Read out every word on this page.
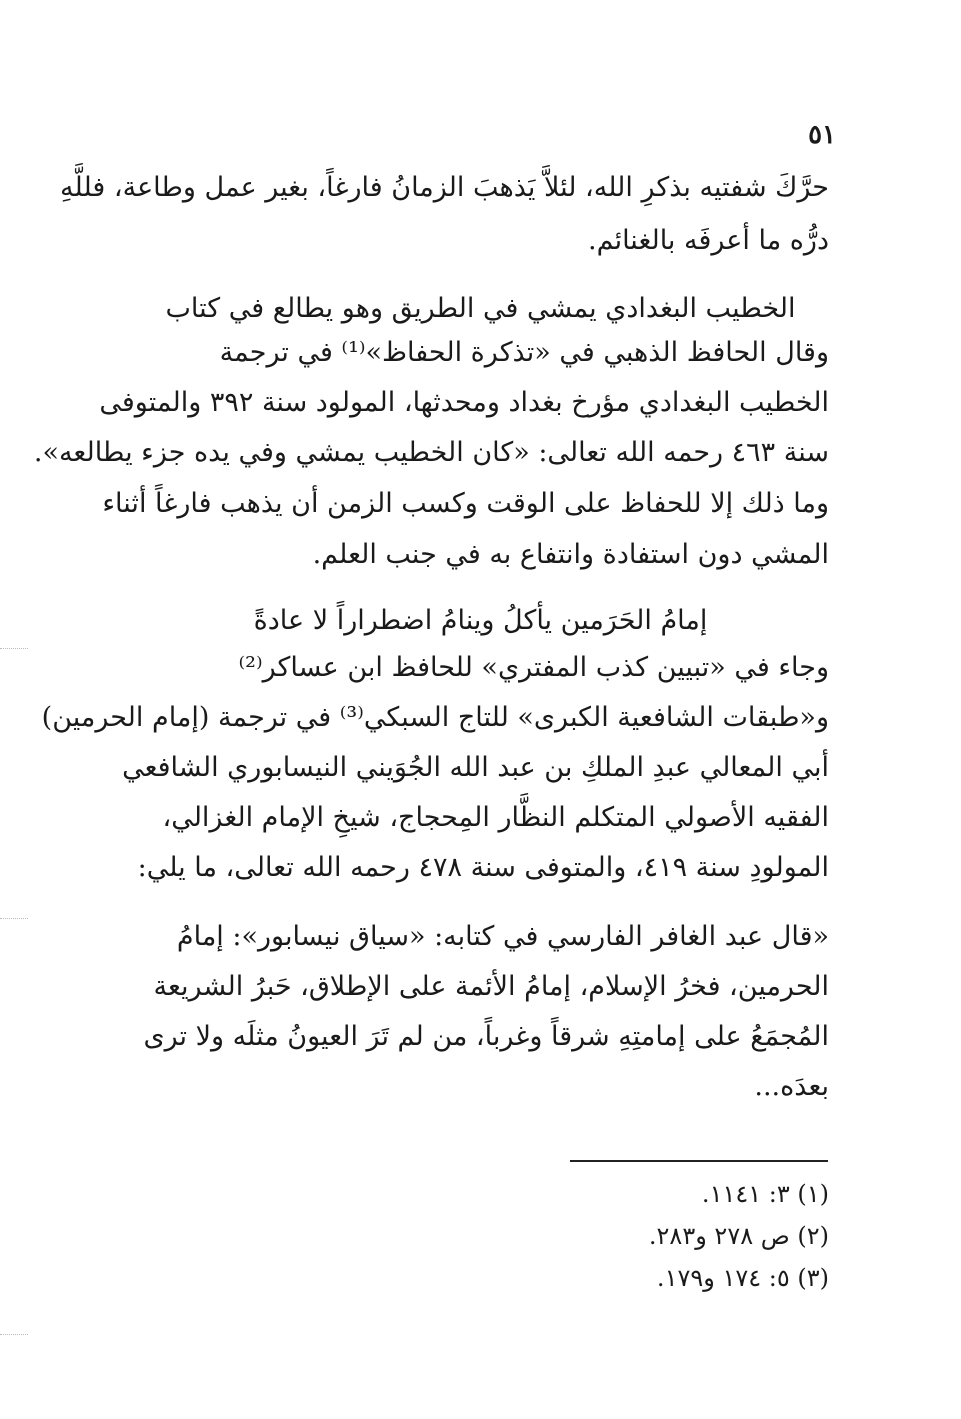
٥١
حرَّكَ شفتيه بذكرِ الله، لئلاَّ يَذهبَ الزمانُ فارغاً، بغير عمل وطاعة، فللَّهِ
درُّه ما أعرفَه بالغنائم.
الخطيب البغدادي يمشي في الطريق وهو يطالع في كتاب
وقال الحافظ الذهبي في «تذكرة الحفاظ»⁽¹⁾ في ترجمة
الخطيب البغدادي مؤرخ بغداد ومحدثها، المولود سنة ٣٩٢ والمتوفى
سنة ٤٦٣ رحمه الله تعالى: «كان الخطيب يمشي وفي يده جزء يطالعه».
وما ذلك إلا للحفاظ على الوقت وكسب الزمن أن يذهب فارغاً أثناء
المشي دون استفادة وانتفاع به في جنب العلم.
إمامُ الحَرَمين يأكلُ وينامُ اضطراراً لا عادةً
وجاء في «تبيين كذب المفتري» للحافظ ابن عساكر⁽²⁾
و«طبقات الشافعية الكبرى» للتاج السبكي⁽³⁾ في ترجمة (إمام الحرمين)
أبي المعالي عبدِ الملكِ بن عبد الله الجُوَيني النيسابوري الشافعي
الفقيه الأصولي المتكلم النظَّار المِحجاج، شيخِ الإمام الغزالي،
المولودِ سنة ٤١٩، والمتوفى سنة ٤٧٨ رحمه الله تعالى، ما يلي:
«قال عبد الغافر الفارسي في كتابه: «سياق نيسابور»: إمامُ
الحرمين، فخرُ الإسلام، إمامُ الأئمة على الإطلاق، حَبرُ الشريعة
المُجمَعُ على إمامتِهِ شرقاً وغرباً، من لم تَرَ العيونُ مثلَه ولا ترى
بعدَه...
(١) ٣: ١١٤١.
(٢) ص ٢٧٨ و٢٨٣.
(٣) ٥: ١٧٤ و١٧٩.
